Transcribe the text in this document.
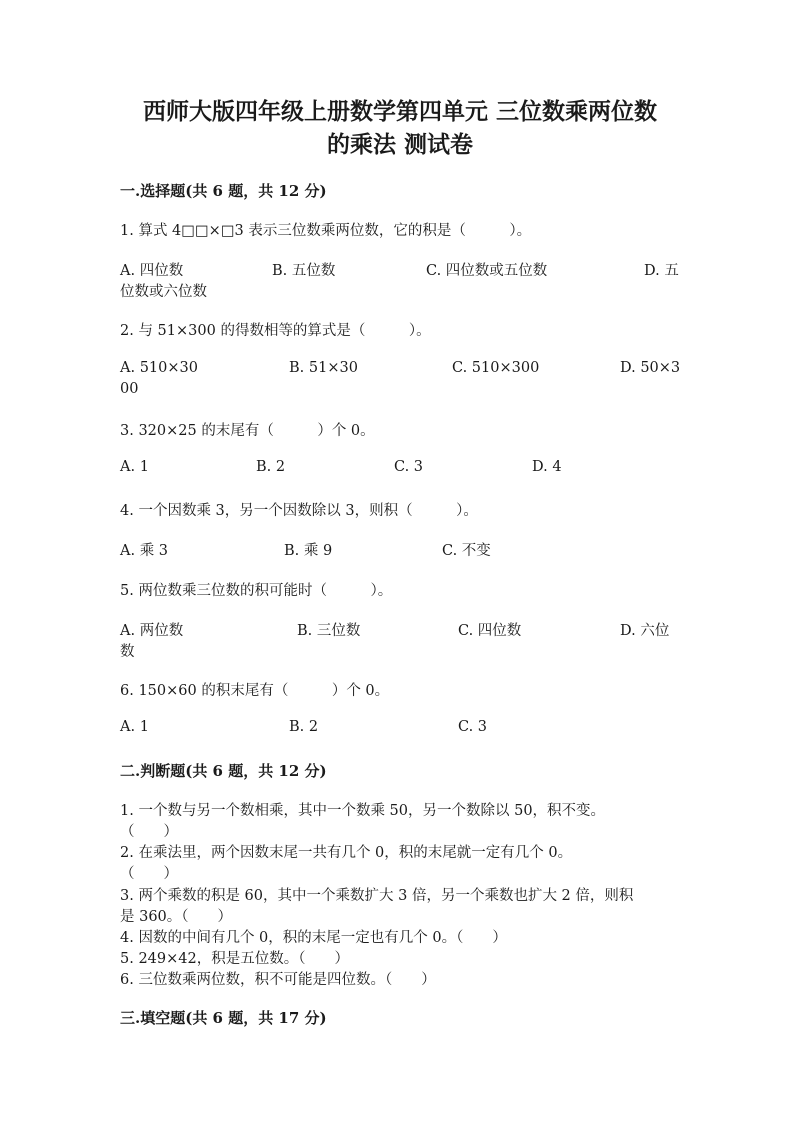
西师大版四年级上册数学第四单元 三位数乘两位数
的乘法 测试卷
一.选择题(共 6 题，共 12 分)
1. 算式 4□□×□3 表示三位数乘两位数，它的积是（　　　）。
A. 四位数	B. 五位数	C. 四位数或五位数	D. 五
位数或六位数
2. 与 51×300 的得数相等的算式是（　　　）。
A. 510×30	B. 51×30	C. 510×300	D. 50×3
00
3. 320×25 的末尾有（　　　）个 0。
A. 1	B. 2	C. 3	D. 4
4. 一个因数乘 3，另一个因数除以 3，则积（　　　）。
A. 乘 3	B. 乘 9	C. 不变
5. 两位数乘三位数的积可能时（　　　）。
A. 两位数	B. 三位数	C. 四位数	D. 六位
数
6. 150×60 的积末尾有（　　　）个 0。
A. 1	B. 2	C. 3
二.判断题(共 6 题，共 12 分)
1. 一个数与另一个数相乘，其中一个数乘 50，另一个数除以 50，积不变。
（　　）
2. 在乘法里，两个因数末尾一共有几个 0，积的末尾就一定有几个 0。
（　　）
3. 两个乘数的积是 60，其中一个乘数扩大 3 倍，另一个乘数也扩大 2 倍，则积
是 360。（　　）
4. 因数的中间有几个 0，积的末尾一定也有几个 0。（　　）
5. 249×42，积是五位数。（　　）
6. 三位数乘两位数，积不可能是四位数。（　　）
三.填空题(共 6 题，共 17 分)
